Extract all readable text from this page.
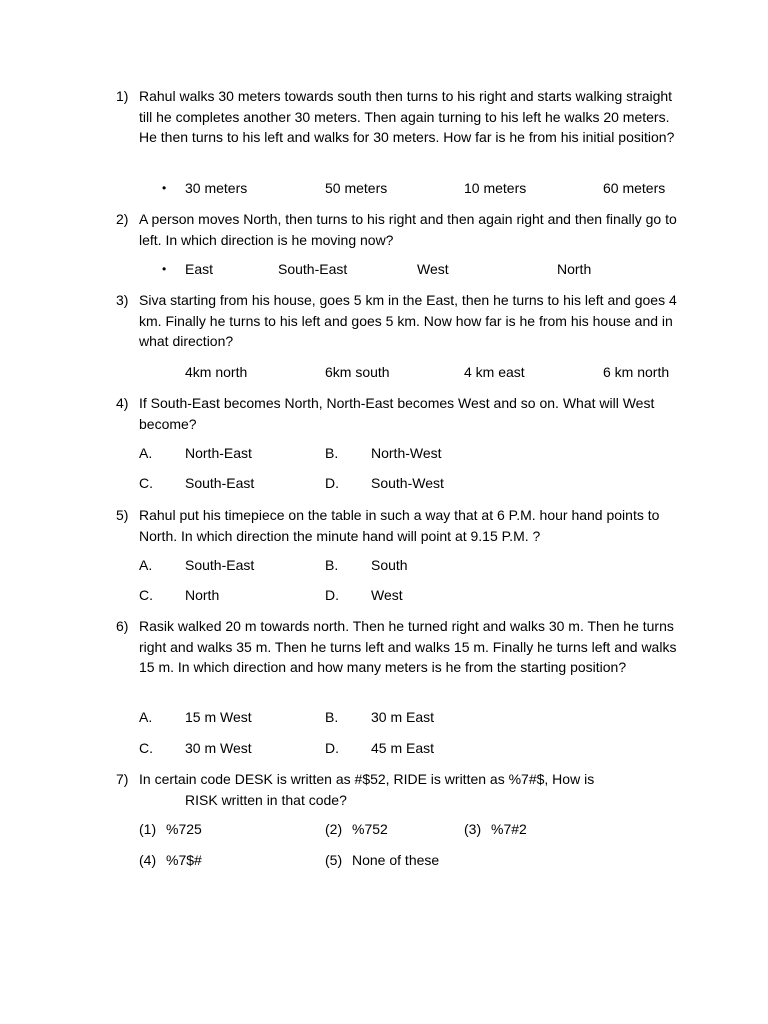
1) Rahul walks 30 meters towards south then turns to his right and starts walking straight till he completes another 30 meters. Then again turning to his left he walks 20 meters. He then turns to his left and walks for 30 meters. How far is he from his initial position?
• 30 meters	50 meters	10 meters	60 meters
2) A person moves North, then turns to his right and then again right and then finally go to left. In which direction is he moving now?
• East	South-East	West	North
3) Siva starting from his house, goes 5 km in the East, then he turns to his left and goes 4 km. Finally he turns to his left and goes 5 km. Now how far is he from his house and in what direction?
4km north	6km south	4 km east	6 km north
4) If South-East becomes North, North-East becomes West and so on. What will West become?
A. North-East	B. North-West
C. South-East	D. South-West
5) Rahul put his timepiece on the table in such a way that at 6 P.M. hour hand points to North. In which direction the minute hand will point at 9.15 P.M. ?
A. South-East	B. South
C. North	D. West
6) Rasik walked 20 m towards north. Then he turned right and walks 30 m. Then he turns right and walks 35 m. Then he turns left and walks 15 m. Finally he turns left and walks 15 m. In which direction and how many meters is he from the starting position?
A. 15 m West	B. 30 m East
C. 30 m West	D. 45 m East
7) In certain code DESK is written as #$52, RIDE is written as %7#$, How is
RISK written in that code?
(1) %725	(2) %752	(3) %7#2
(4) %7$#	(5) None of these
